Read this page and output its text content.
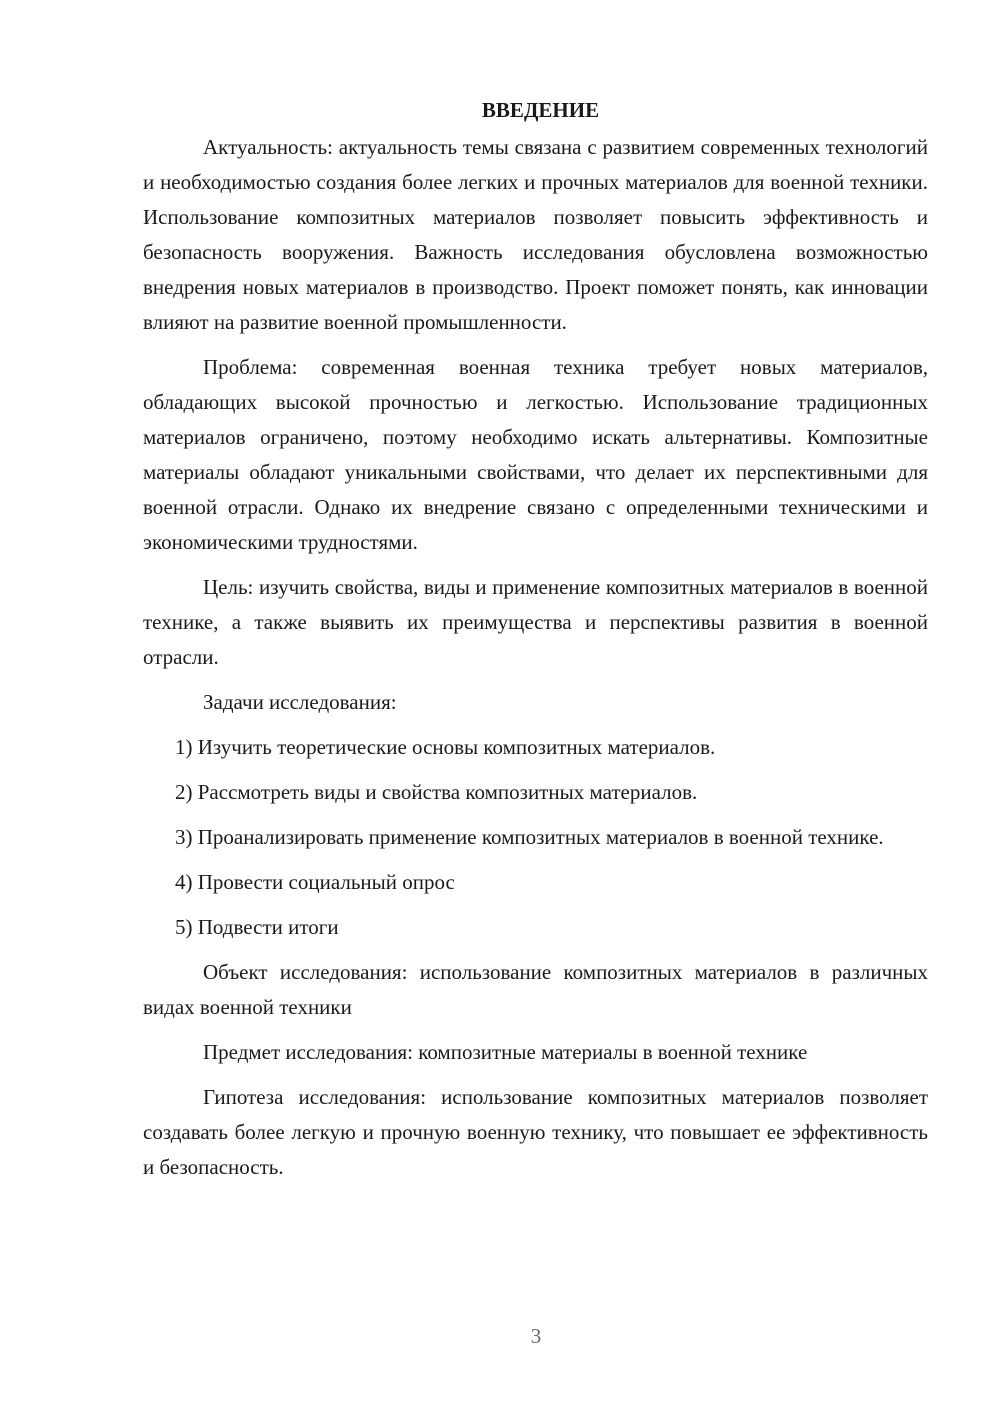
ВВЕДЕНИЕ

Актуальность: актуальность темы связана с развитием современных технологий и необходимостью создания более легких и прочных материалов для военной техники. Использование композитных материалов позволяет повысить эффективность и безопасность вооружения. Важность исследования обусловлена возможностью внедрения новых материалов в производство. Проект поможет понять, как инновации влияют на развитие военной промышленности.

Проблема: современная военная техника требует новых материалов, обладающих высокой прочностью и легкостью. Использование традиционных материалов ограничено, поэтому необходимо искать альтернативы. Композитные материалы обладают уникальными свойствами, что делает их перспективными для военной отрасли. Однако их внедрение связано с определенными техническими и экономическими трудностями.

Цель: изучить свойства, виды и применение композитных материалов в военной технике, а также выявить их преимущества и перспективы развития в военной отрасли.

Задачи исследования:

1) Изучить теоретические основы композитных материалов.

2) Рассмотреть виды и свойства композитных материалов.

3) Проанализировать применение композитных материалов в военной технике.

4) Провести социальный опрос

5) Подвести итоги

Объект исследования: использование композитных материалов в различных видах военной техники

Предмет исследования: композитные материалы в военной технике

Гипотеза исследования: использование композитных материалов позволяет создавать более легкую и прочную военную технику, что повышает ее эффективность и безопасность.

3
